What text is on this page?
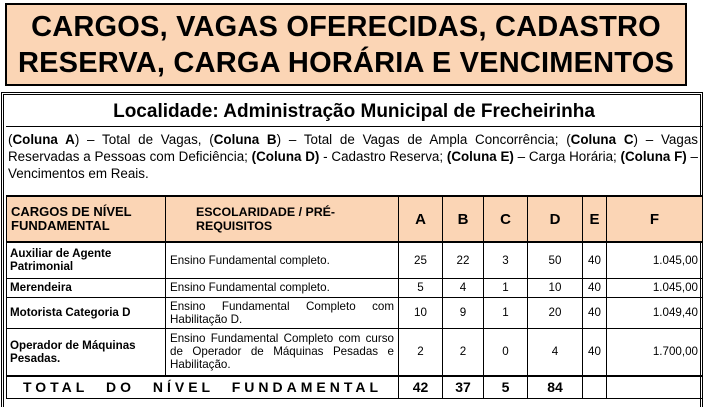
CARGOS, VAGAS OFERECIDAS, CADASTRO
RESERVA, CARGA HORÁRIA E VENCIMENTOS
Localidade: Administração Municipal de Frecheirinha

(Coluna A) – Total de Vagas, (Coluna B) – Total de Vagas de Ampla Concorrência; (Coluna C) – Vagas Reservadas a Pessoas com Deficiência; (Coluna D) - Cadastro Reserva; (Coluna E) – Carga Horária; (Coluna F) – Vencimentos em Reais.

CARGOS DE NÍVEL FUNDAMENTAL	ESCOLARIDADE / PRÉ-REQUISITOS	A	B	C	D	E	F
Auxiliar de Agente Patrimonial	Ensino Fundamental completo.	25	22	3	50	40	1.045,00
Merendeira	Ensino Fundamental completo.	5	4	1	10	40	1.045,00
Motorista Categoria D	Ensino Fundamental Completo com Habilitação D.	10	9	1	20	40	1.049,40
Operador de Máquinas Pesadas.	Ensino Fundamental Completo com curso de Operador de Máquinas Pesadas e Habilitação.	2	2	0	4	40	1.700,00
TOTAL DO NÍVEL FUNDAMENTAL		42	37	5	84		
